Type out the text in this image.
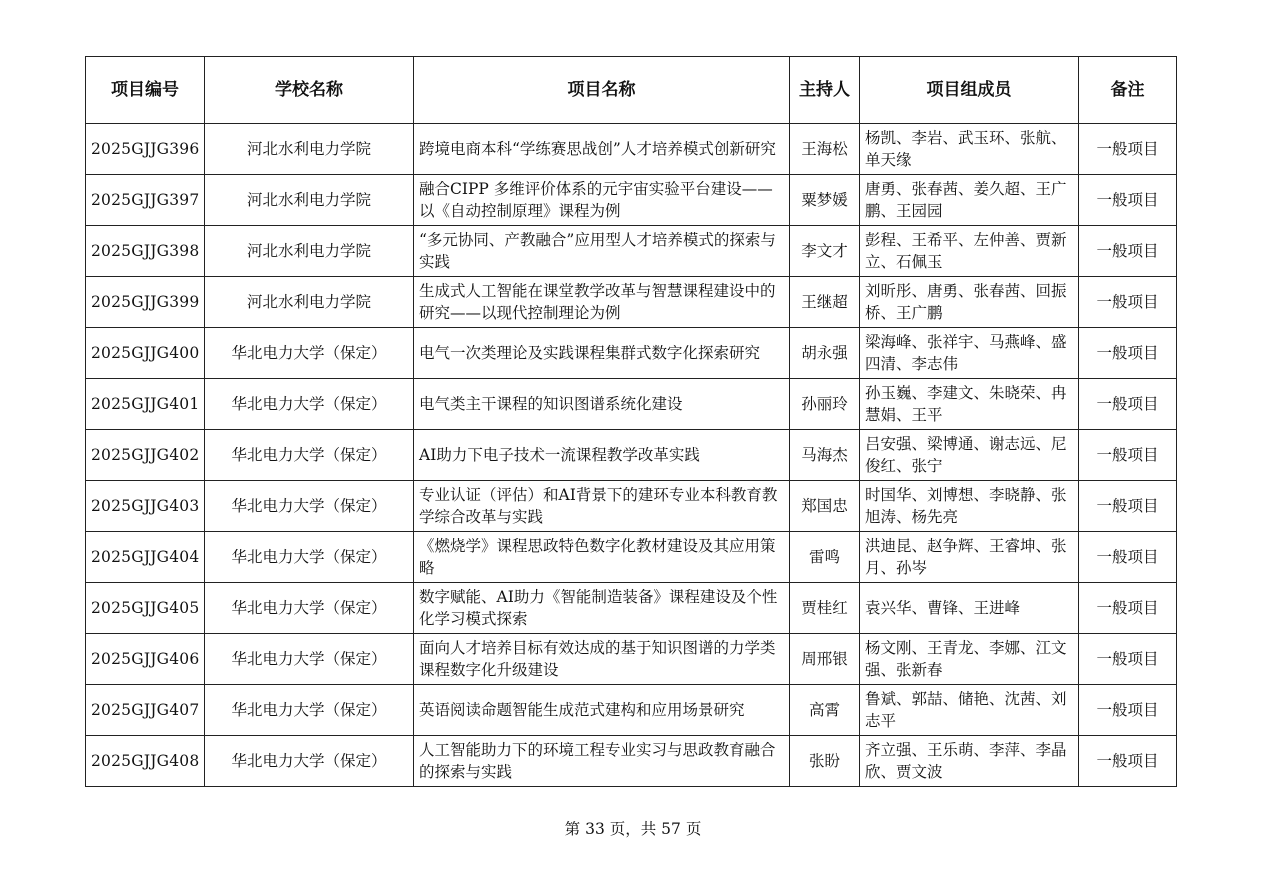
项目编号	学校名称	项目名称	主持人	项目组成员	备注
2025GJJG396	河北水利电力学院	跨境电商本科“学练赛思战创”人才培养模式创新研究	王海松	杨凯、李岩、武玉环、张航、单天缘	一般项目
2025GJJG397	河北水利电力学院	融合CIPP 多维评价体系的元宇宙实验平台建设——以《自动控制原理》课程为例	粟梦媛	唐勇、张春茜、姜久超、王广鹏、王园园	一般项目
2025GJJG398	河北水利电力学院	“多元协同、产教融合”应用型人才培养模式的探索与实践	李文才	彭程、王希平、左仲善、贾新立、石佩玉	一般项目
2025GJJG399	河北水利电力学院	生成式人工智能在课堂教学改革与智慧课程建设中的研究——以现代控制理论为例	王继超	刘昕彤、唐勇、张春茜、回振桥、王广鹏	一般项目
2025GJJG400	华北电力大学（保定）	电气一次类理论及实践课程集群式数字化探索研究	胡永强	梁海峰、张祥宇、马燕峰、盛四清、李志伟	一般项目
2025GJJG401	华北电力大学（保定）	电气类主干课程的知识图谱系统化建设	孙丽玲	孙玉巍、李建文、朱晓荣、冉慧娟、王平	一般项目
2025GJJG402	华北电力大学（保定）	AI助力下电子技术一流课程教学改革实践	马海杰	吕安强、梁博通、谢志远、尼俊红、张宁	一般项目
2025GJJG403	华北电力大学（保定）	专业认证（评估）和AI背景下的建环专业本科教育教学综合改革与实践	郑国忠	时国华、刘博想、李晓静、张旭涛、杨先亮	一般项目
2025GJJG404	华北电力大学（保定）	《燃烧学》课程思政特色数字化教材建设及其应用策略	雷鸣	洪迪昆、赵争辉、王睿坤、张月、孙岑	一般项目
2025GJJG405	华北电力大学（保定）	数字赋能、AI助力《智能制造装备》课程建设及个性化学习模式探索	贾桂红	袁兴华、曹锋、王进峰	一般项目
2025GJJG406	华北电力大学（保定）	面向人才培养目标有效达成的基于知识图谱的力学类课程数字化升级建设	周邢银	杨文刚、王青龙、李娜、江文强、张新春	一般项目
2025GJJG407	华北电力大学（保定）	英语阅读命题智能生成范式建构和应用场景研究	高霄	鲁斌、郭喆、储艳、沈茜、刘志平	一般项目
2025GJJG408	华北电力大学（保定）	人工智能助力下的环境工程专业实习与思政教育融合的探索与实践	张盼	齐立强、王乐萌、李萍、李晶欣、贾文波	一般项目
第 33 页，共 57 页
